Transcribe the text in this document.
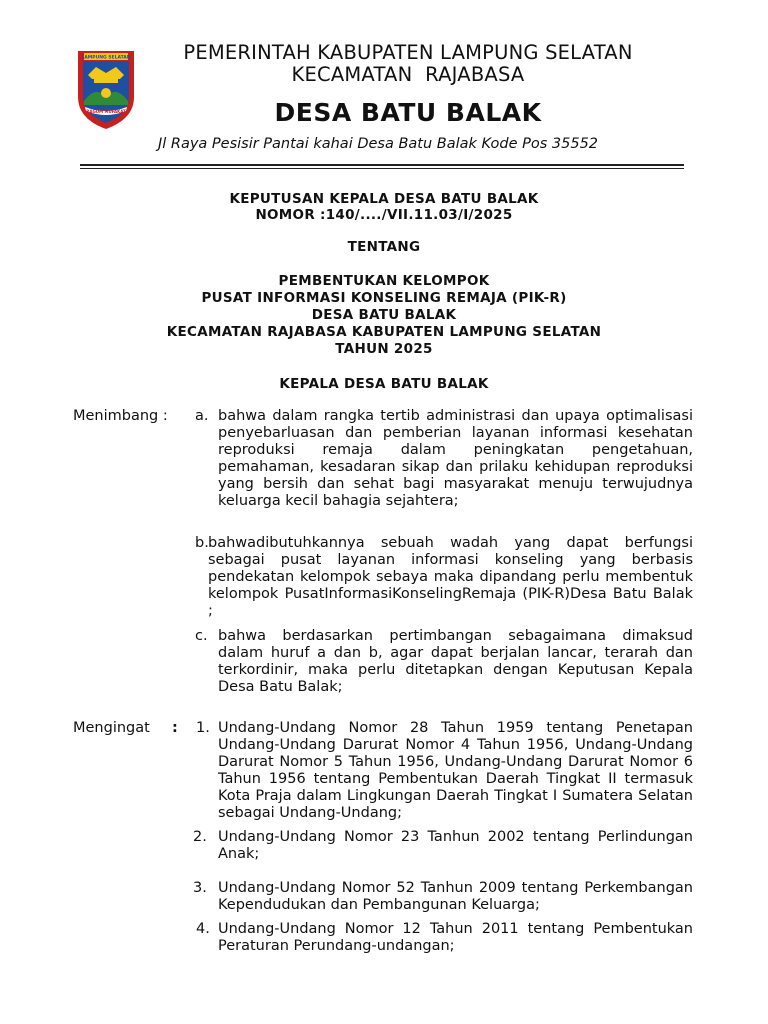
LAMPUNG SELATAN
RAGOM MUFAKAT
PEMERINTAH KABUPATEN LAMPUNG SELATAN
KECAMATAN  RAJABASA
DESA BATU BALAK
Jl Raya Pesisir Pantai kahai Desa Batu Balak Kode Pos 35552
KEPUTUSAN KEPALA DESA BATU BALAK
NOMOR :140/..../VII.11.03/I/2025
TENTANG
PEMBENTUKAN KELOMPOK
PUSAT INFORMASI KONSELING REMAJA (PIK-R)
DESA BATU BALAK
KECAMATAN RAJABASA KABUPATEN LAMPUNG SELATAN
TAHUN 2025
KEPALA DESA BATU BALAK
Menimbang : a. bahwa dalam rangka tertib administrasi dan upaya optimalisasi penyebarluasan dan pemberian layanan informasi kesehatan reproduksi remaja dalam peningkatan pengetahuan, pemahaman, kesadaran sikap dan prilaku kehidupan reproduksi yang bersih dan sehat bagi masyarakat menuju terwujudnya keluarga kecil bahagia sejahtera;
b. bahwadibutuhkannya sebuah wadah yang dapat berfungsi sebagai pusat layanan informasi konseling yang berbasis pendekatan kelompok sebaya maka dipandang perlu membentuk kelompok PusatInformasiKonselingRemaja (PIK-R)Desa Batu Balak ;
c. bahwa berdasarkan pertimbangan sebagaimana dimaksud dalam huruf a dan b, agar dapat berjalan lancar, terarah dan terkordinir, maka perlu ditetapkan dengan Keputusan Kepala Desa Batu Balak;
Mengingat : 1. Undang-Undang Nomor 28 Tahun 1959 tentang Penetapan Undang-Undang Darurat Nomor 4 Tahun 1956, Undang-Undang Darurat Nomor 5 Tahun 1956, Undang-Undang Darurat Nomor 6 Tahun 1956 tentang Pembentukan Daerah Tingkat II termasuk Kota Praja dalam Lingkungan Daerah Tingkat I Sumatera Selatan sebagai Undang-Undang;
2. Undang-Undang Nomor 23 Tanhun 2002 tentang Perlindungan Anak;
3. Undang-Undang Nomor 52 Tanhun 2009 tentang Perkembangan Kependudukan dan Pembangunan Keluarga;
4. Undang-Undang Nomor 12 Tahun 2011 tentang Pembentukan Peraturan Perundang-undangan;
